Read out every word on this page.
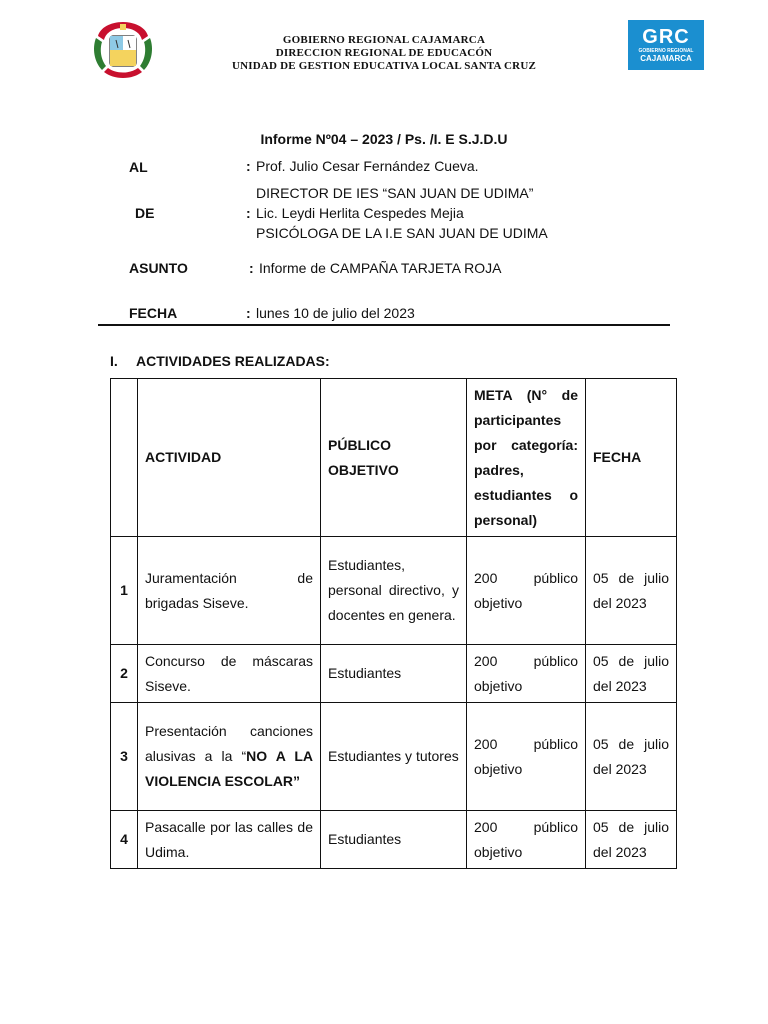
GOBIERNO REGIONAL CAJAMARCA
DIRECCION REGIONAL DE EDUCACÓN
UNIDAD DE GESTION EDUCATIVA LOCAL SANTA CRUZ
GRC
GOBIERNO REGIONAL
CAJAMARCA
Informe Nº04 – 2023 / Ps. /I. E S.J.D.U
AL	: Prof. Julio Cesar Fernández Cueva.
DIRECTOR DE IES “SAN JUAN DE UDIMA”
DE	: Lic. Leydi Herlita Cespedes Mejia
PSICÓLOGA DE LA I.E SAN JUAN DE UDIMA
ASUNTO	: Informe de CAMPAÑA TARJETA ROJA
FECHA	: lunes 10 de julio del 2023
I. ACTIVIDADES REALIZADAS:
	ACTIVIDAD	PÚBLICO OBJETIVO	META (N° de participantes por categoría: padres, estudiantes o personal)	FECHA
1	Juramentación de brigadas Siseve.	Estudiantes, personal directivo, y docentes en genera.	200 público objetivo	05 de julio del 2023
2	Concurso de máscaras Siseve.	Estudiantes	200 público objetivo	05 de julio del 2023
3	Presentación canciones alusivas a la “NO A LA VIOLENCIA ESCOLAR”	Estudiantes y tutores	200 público objetivo	05 de julio del 2023
4	Pasacalle por las calles de Udima.	Estudiantes	200 público objetivo	05 de julio del 2023
